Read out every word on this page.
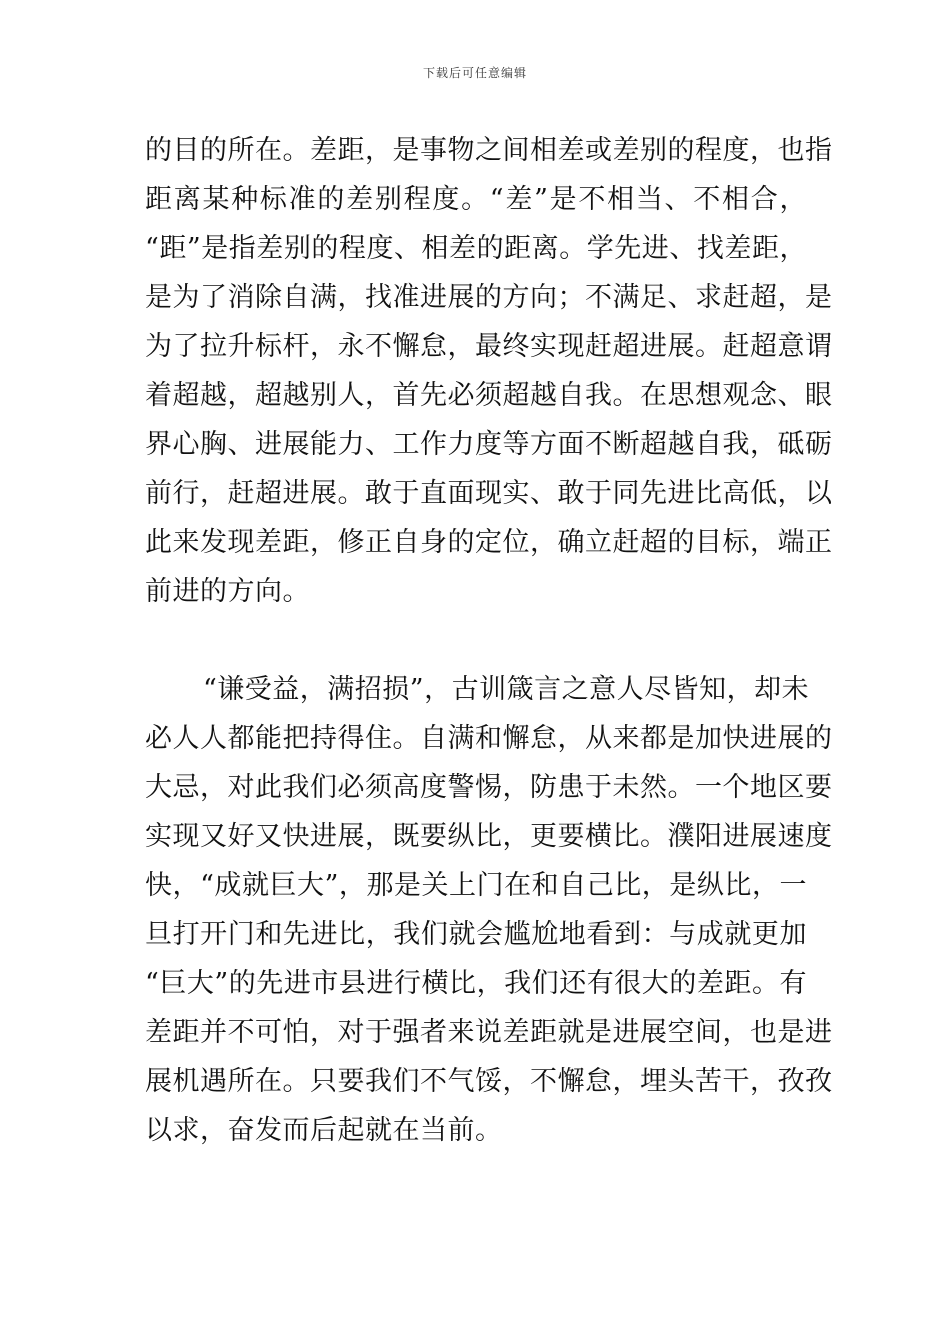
下载后可任意编辑
的目的所在。差距，是事物之间相差或差别的程度，也指
距离某种标准的差别程度。“差”是不相当、不相合，
“距”是指差别的程度、相差的距离。学先进、找差距，
是为了消除自满，找准进展的方向；不满足、求赶超，是
为了拉升标杆，永不懈怠，最终实现赶超进展。赶超意谓
着超越，超越别人，首先必须超越自我。在思想观念、眼
界心胸、进展能力、工作力度等方面不断超越自我，砥砺
前行，赶超进展。敢于直面现实、敢于同先进比高低，以
此来发现差距，修正自身的定位，确立赶超的目标，端正
前进的方向。
“谦受益，满招损”，古训箴言之意人尽皆知，却未
必人人都能把持得住。自满和懈怠，从来都是加快进展的
大忌，对此我们必须高度警惕，防患于未然。一个地区要
实现又好又快进展，既要纵比，更要横比。濮阳进展速度
快，“成就巨大”，那是关上门在和自己比，是纵比，一
旦打开门和先进比，我们就会尴尬地看到：与成就更加
“巨大”的先进市县进行横比，我们还有很大的差距。有
差距并不可怕，对于强者来说差距就是进展空间，也是进
展机遇所在。只要我们不气馁，不懈怠，埋头苦干，孜孜
以求，奋发而后起就在当前。
